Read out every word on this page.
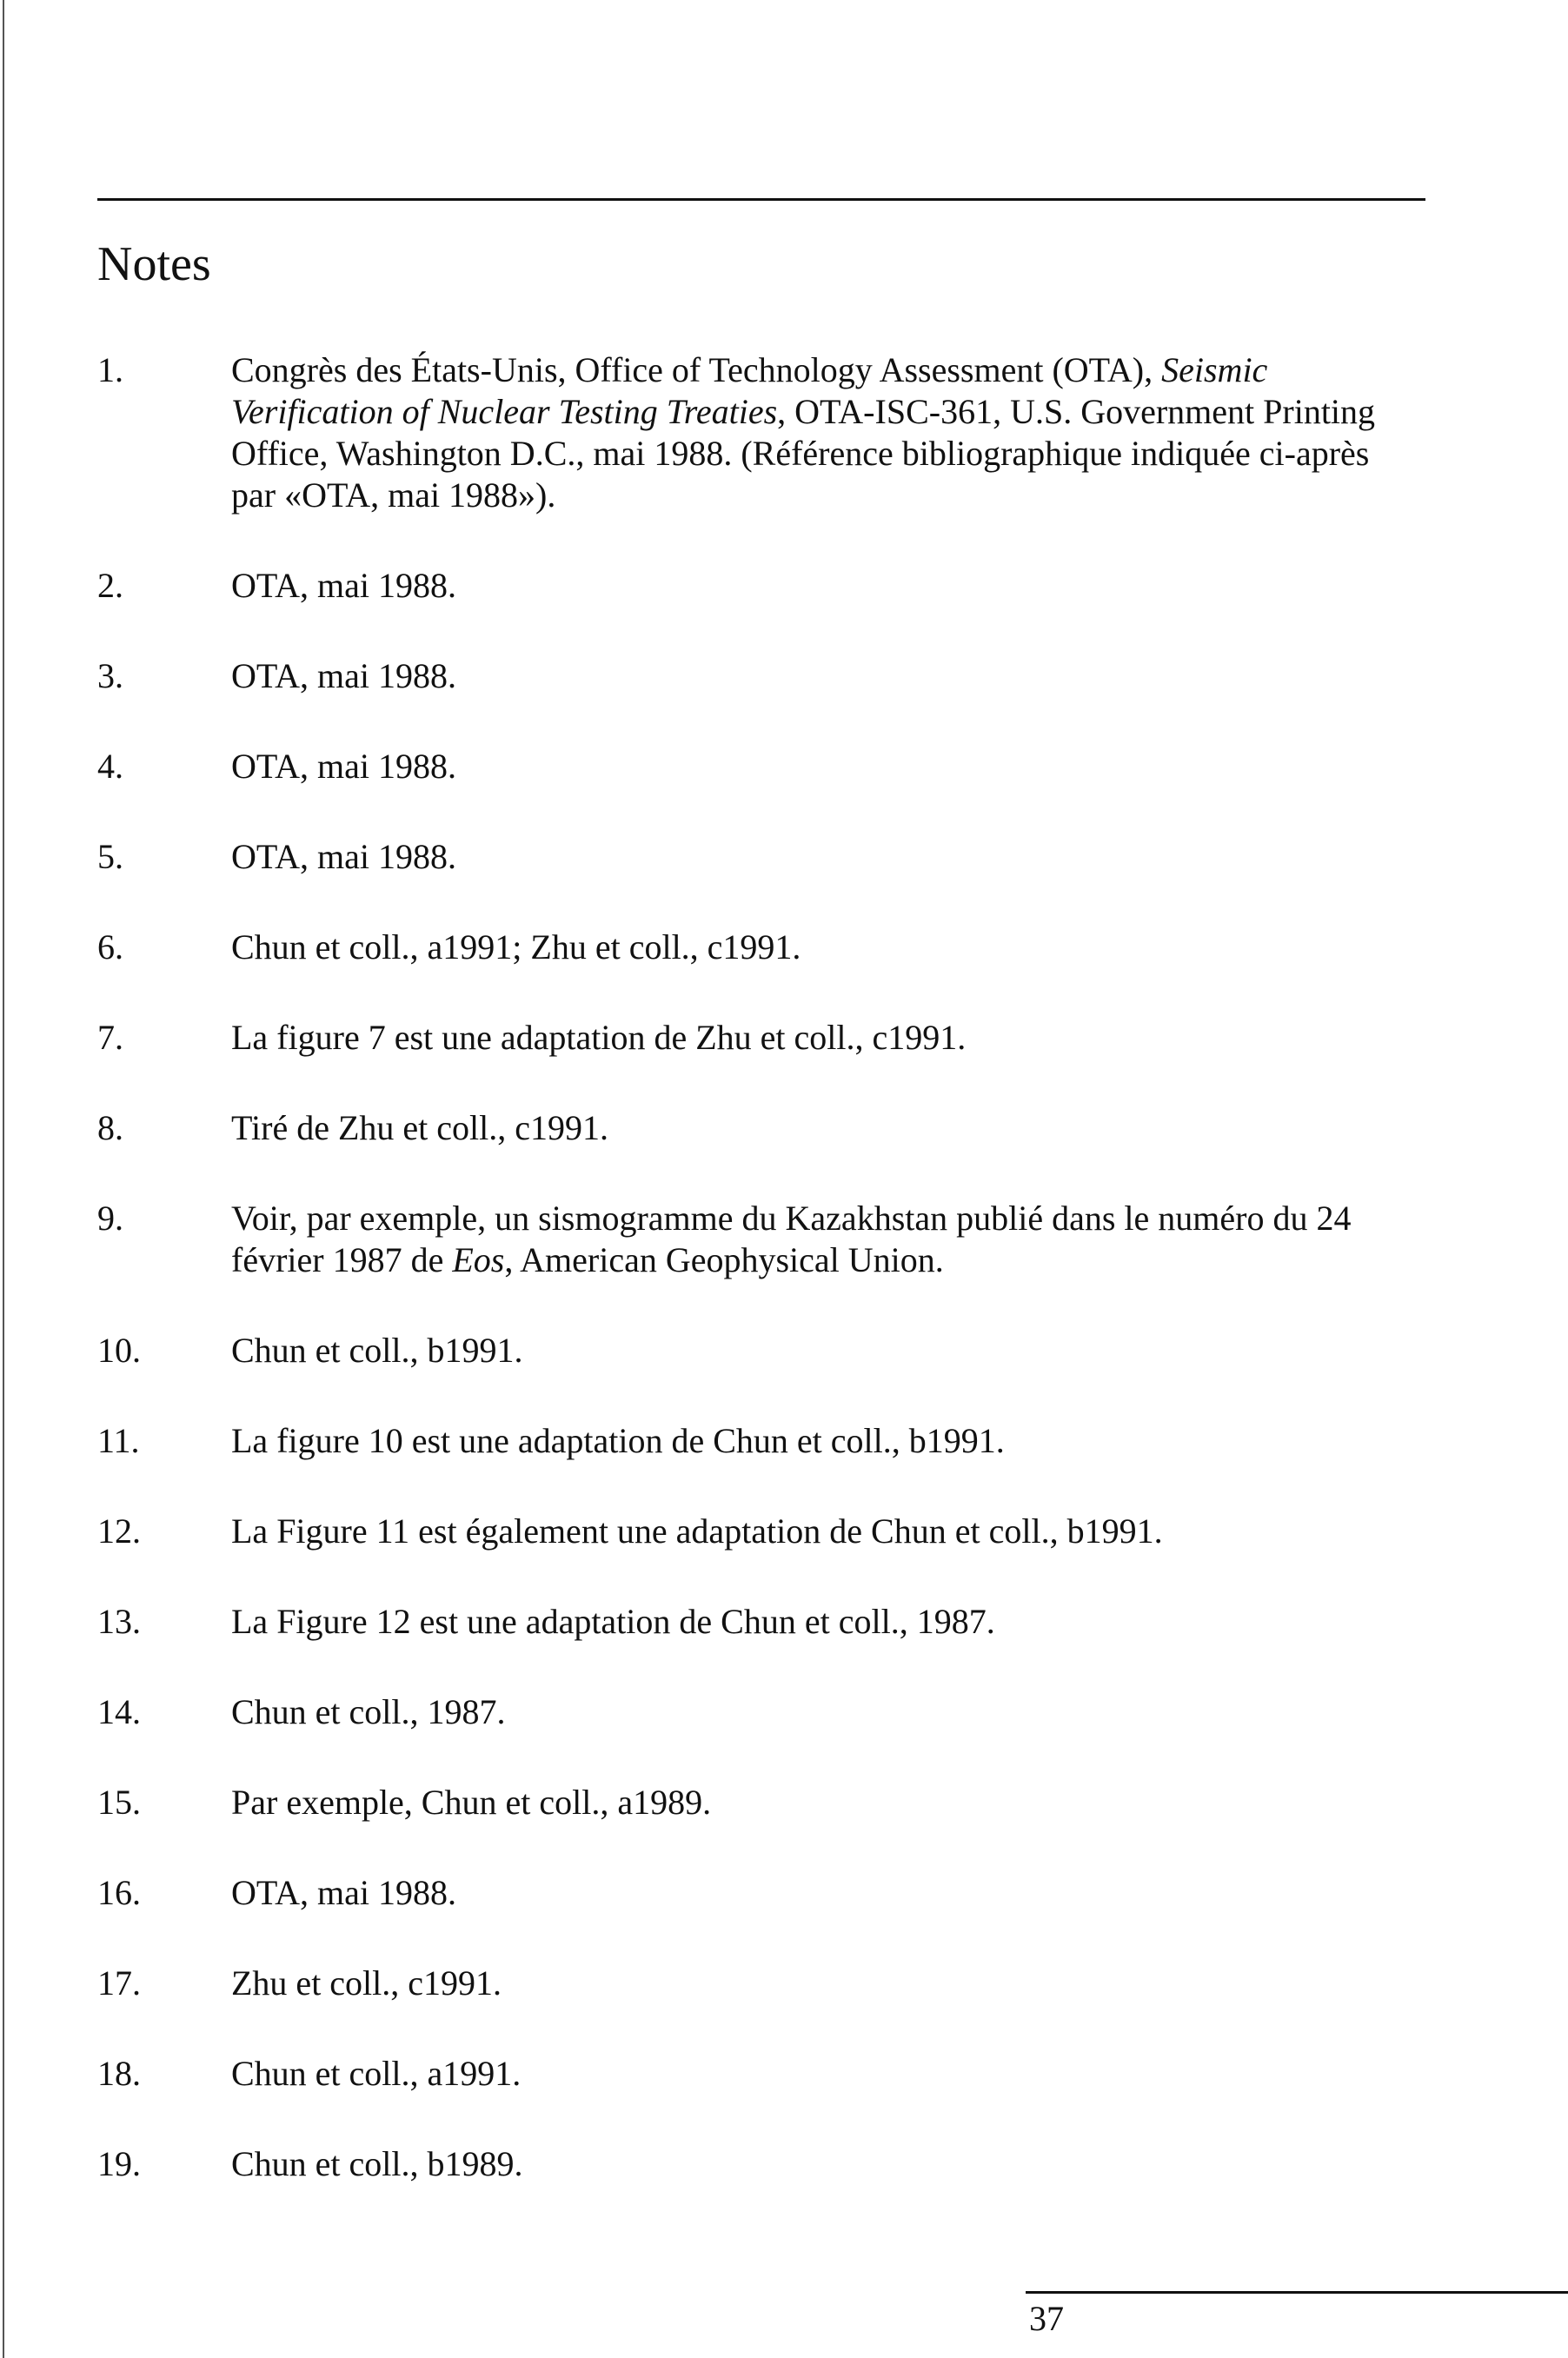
Notes
1.	Congrès des États-Unis, Office of Technology Assessment (OTA), Seismic Verification of Nuclear Testing Treaties, OTA-ISC-361, U.S. Government Printing Office, Washington D.C., mai 1988. (Référence bibliographique indiquée ci-après par «OTA, mai 1988»).
2.	OTA, mai 1988.
3.	OTA, mai 1988.
4.	OTA, mai 1988.
5.	OTA, mai 1988.
6.	Chun et coll., a1991; Zhu et coll., c1991.
7.	La figure 7 est une adaptation de Zhu et coll., c1991.
8.	Tiré de Zhu et coll., c1991.
9.	Voir, par exemple, un sismogramme du Kazakhstan publié dans le numéro du 24 février 1987 de Eos, American Geophysical Union.
10.	Chun et coll., b1991.
11.	La figure 10 est une adaptation de Chun et coll., b1991.
12.	La Figure 11 est également une adaptation de Chun et coll., b1991.
13.	La Figure 12 est une adaptation de Chun et coll., 1987.
14.	Chun et coll., 1987.
15.	Par exemple, Chun et coll., a1989.
16.	OTA, mai 1988.
17.	Zhu et coll., c1991.
18.	Chun et coll., a1991.
19.	Chun et coll., b1989.
37
